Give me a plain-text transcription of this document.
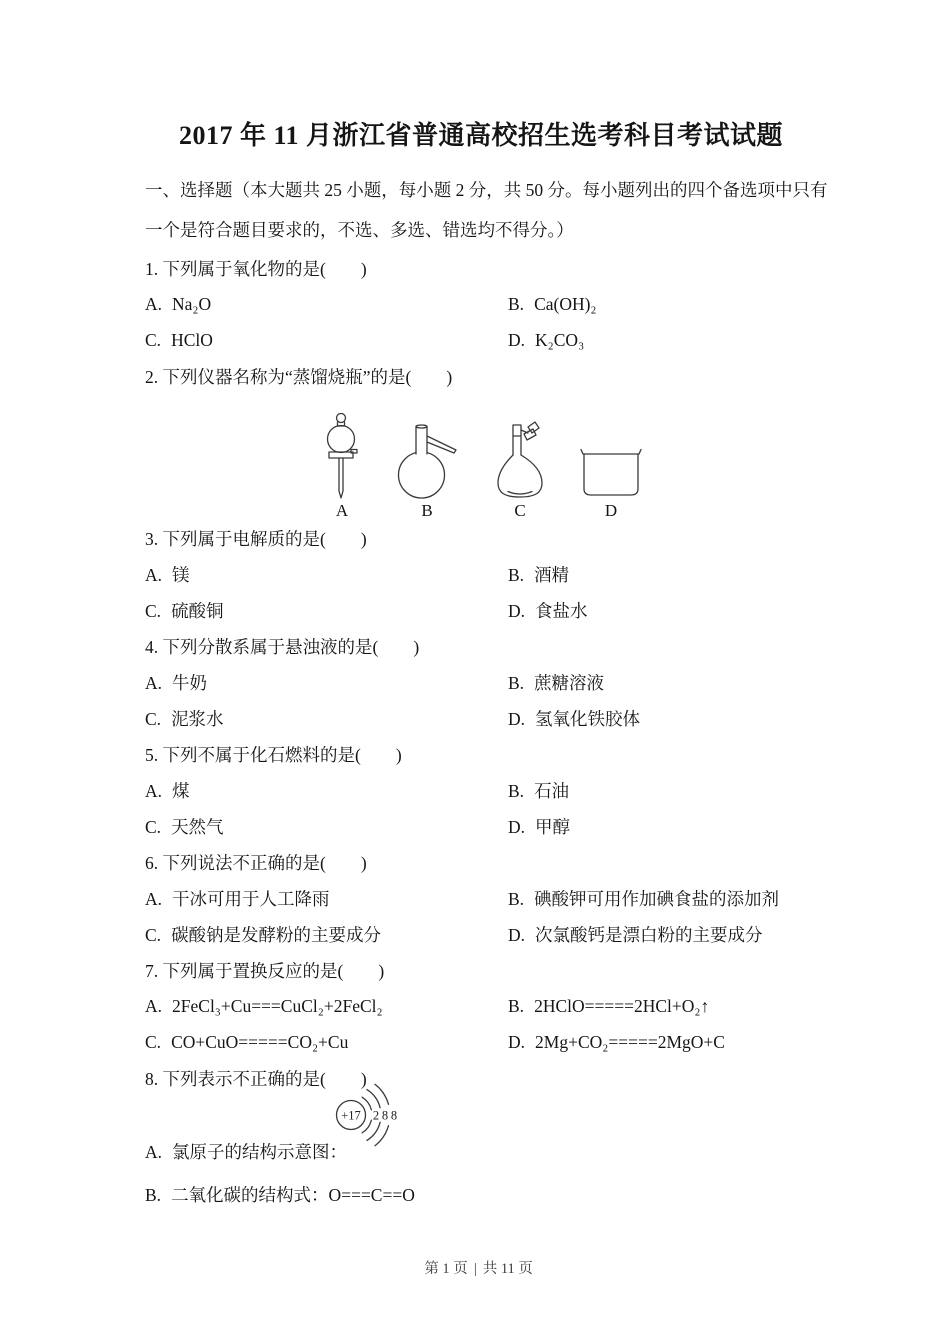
2017 年 11 月浙江省普通高校招生选考科目考试试题
一、选择题（本大题共 25 小题，每小题 2 分，共 50 分。每小题列出的四个备选项中只有
一个是符合题目要求的，不选、多选、错选均不得分。）
1. 下列属于氧化物的是(        )
A. Na₂O	B. Ca(OH)₂
C. HClO	D. K₂CO₃
2. 下列仪器名称为“蒸馏烧瓶”的是(        )
A	B	C	D
3. 下列属于电解质的是(        )
A. 镁	B. 酒精
C. 硫酸铜	D. 食盐水
4. 下列分散系属于悬浊液的是(        )
A. 牛奶	B. 蔗糖溶液
C. 泥浆水	D. 氢氧化铁胶体
5. 下列不属于化石燃料的是(        )
A. 煤	B. 石油
C. 天然气	D. 甲醇
6. 下列说法不正确的是(        )
A. 干冰可用于人工降雨	B. 碘酸钾可用作加碘食盐的添加剂
C. 碳酸钠是发酵粉的主要成分	D. 次氯酸钙是漂白粉的主要成分
7. 下列属于置换反应的是(        )
A. 2FeCl₃+Cu===CuCl₂+2FeCl₂	B. 2HClO=====2HCl+O₂↑
C. CO+CuO=====CO₂+Cu	D. 2Mg+CO₂=====2MgO+C
8. 下列表示不正确的是(        )
+17 2 8 8
A. 氯原子的结构示意图：
B. 二氧化碳的结构式：O===C==O

第 1 页 | 共 11 页
